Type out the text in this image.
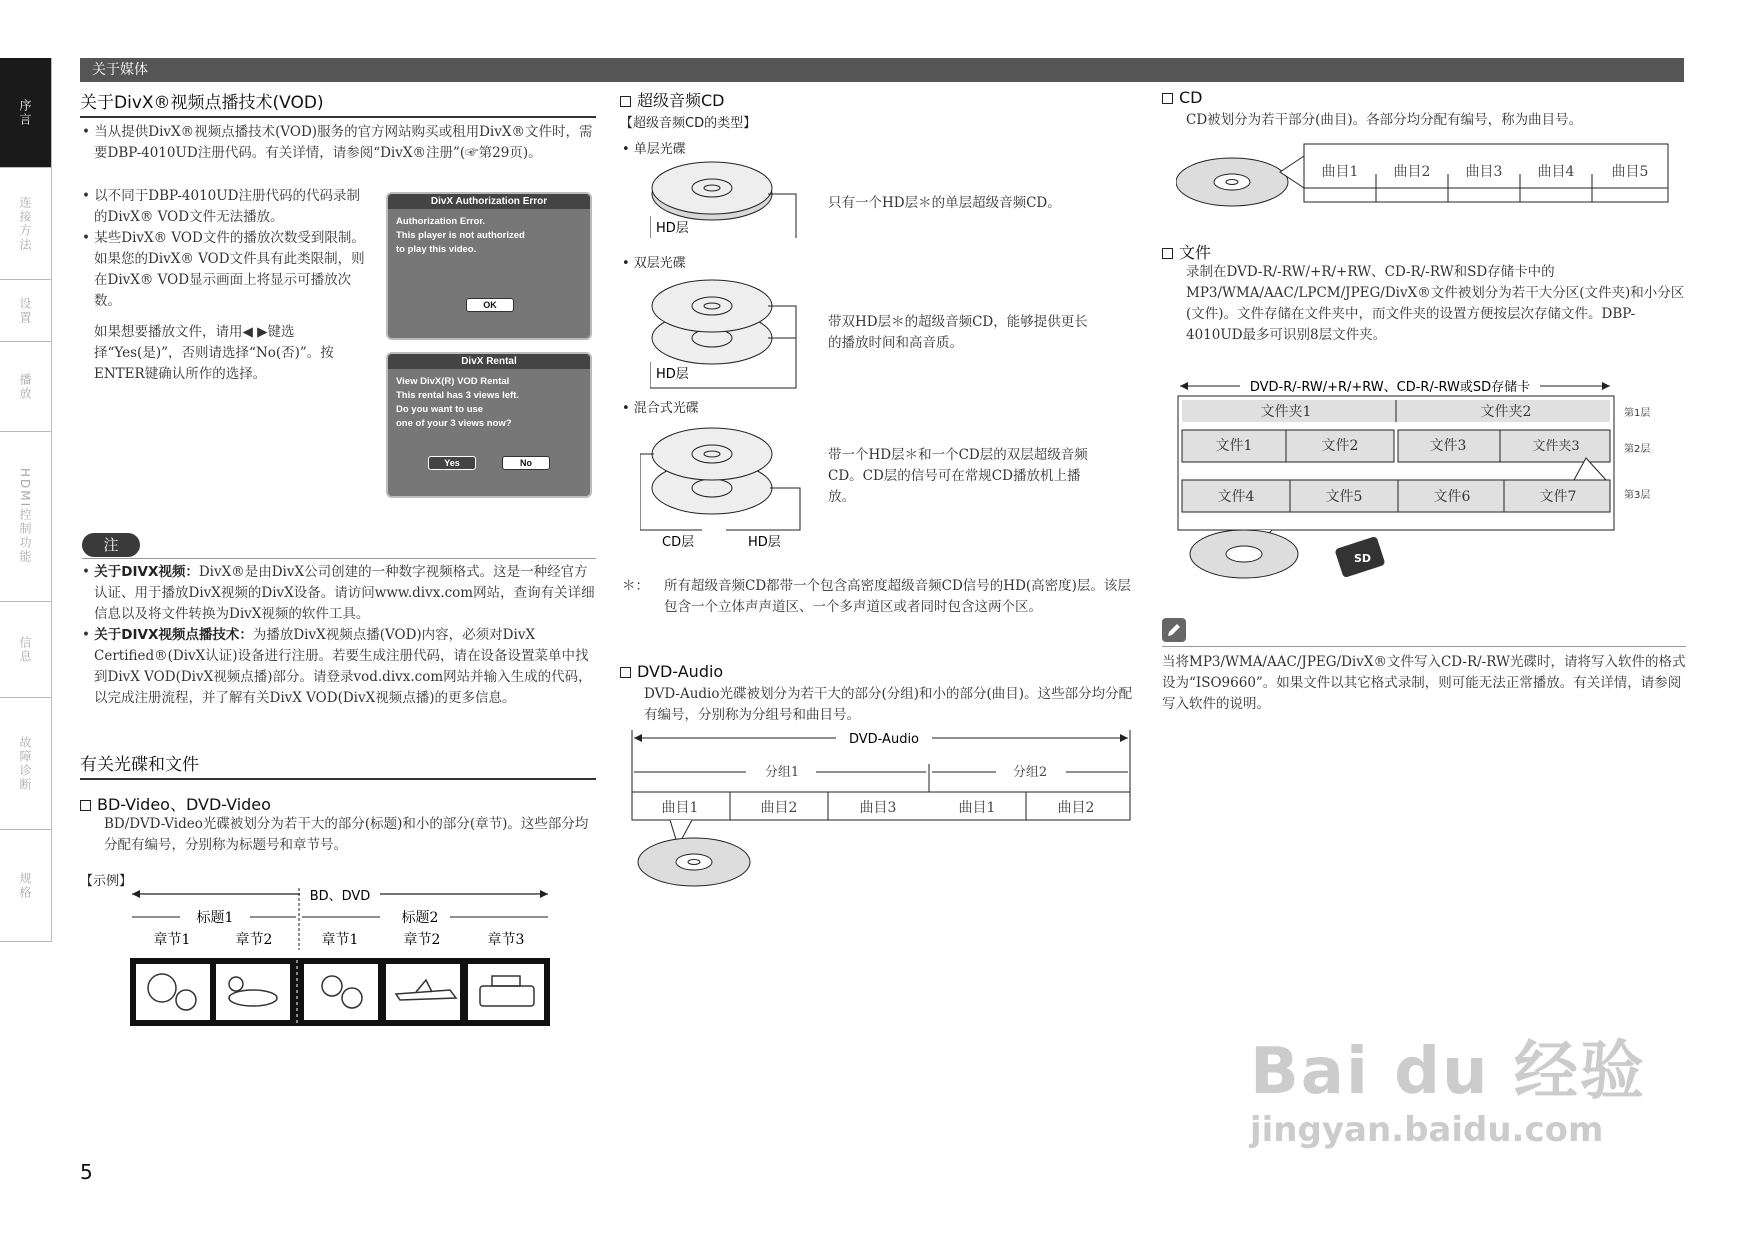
序言
连接方法
设置
播放
HDMI控制功能
信息
故障诊断
规格
关于媒体
关于DivX®视频点播技术(VOD)
• 当从提供DivX®视频点播技术(VOD)服务的官方网站购买或租用DivX®文件时，需要DBP-4010UD注册代码。有关详情，请参阅“DivX®注册”(☞第29页)。
• 以不同于DBP-4010UD注册代码的代码录制的DivX® VOD文件无法播放。
• 某些DivX® VOD文件的播放次数受到限制。如果您的DivX® VOD文件具有此类限制，则在DivX® VOD显示画面上将显示可播放次数。
如果想要播放文件，请用◀ ▶键选择“Yes(是)”，否则请选择“No(否)”。按ENTER键确认所作的选择。
DivX Authorization Error
Authorization Error.
This player is not authorized
to play this video.
OK
DivX Rental
View DivX(R) VOD Rental
This rental has 3 views left.
Do you want to use
one of your 3 views now?
Yes	No
注
• 关于DIVX视频：DivX®是由DivX公司创建的一种数字视频格式。这是一种经官方认证、用于播放DivX视频的DivX设备。请访问www.divx.com网站，查询有关详细信息以及将文件转换为DivX视频的软件工具。
• 关于DIVX视频点播技术：为播放DivX视频点播(VOD)内容，必须对DivX Certified®(DivX认证)设备进行注册。若要生成注册代码，请在设备设置菜单中找到DivX VOD(DivX视频点播)部分。请登录vod.divx.com网站并输入生成的代码，以完成注册流程，并了解有关DivX VOD(DivX视频点播)的更多信息。
有关光碟和文件
BD-Video、DVD-Video
BD/DVD-Video光碟被划分为若干大的部分(标题)和小的部分(章节)。这些部分均分配有编号，分别称为标题号和章节号。
【示例】
BD、DVD
标题1	标题2
章节1	章节2	章节1	章节2	章节3
超级音频CD
【超级音频CD的类型】
• 单层光碟
HD层
只有一个HD层＊的单层超级音频CD。
• 双层光碟
HD层
带双HD层＊的超级音频CD，能够提供更长的播放时间和高音质。
• 混合式光碟
CD层	HD层
带一个HD层＊和一个CD层的双层超级音频CD。CD层的信号可在常规CD播放机上播放。
＊： 所有超级音频CD都带一个包含高密度超级音频CD信号的HD(高密度)层。该层包含一个立体声声道区、一个多声道区或者同时包含这两个区。
DVD-Audio
DVD-Audio光碟被划分为若干大的部分(分组)和小的部分(曲目)。这些部分均分配有编号，分别称为分组号和曲目号。
DVD-Audio
分组1	分组2
曲目1	曲目2	曲目3	曲目1	曲目2
CD
CD被划分为若干部分(曲目)。各部分均分配有编号，称为曲目号。
曲目1	曲目2	曲目3	曲目4	曲目5
文件
录制在DVD-R/-RW/+R/+RW、CD-R/-RW和SD存储卡中的MP3/WMA/AAC/LPCM/JPEG/DivX®文件被划分为若干大分区(文件夹)和小分区(文件)。文件存储在文件夹中，而文件夹的设置方便按层次存储文件。DBP-4010UD最多可识别8层文件夹。
DVD-R/-RW/+R/+RW、CD-R/-RW或SD存储卡
文件夹1	文件夹2
文件1	文件2	文件3	文件夹3
文件4	文件5	文件6	文件7
第1层
第2层
第3层
SD
当将MP3/WMA/AAC/JPEG/DivX®文件写入CD-R/-RW光碟时，请将写入软件的格式设为“ISO9660”。如果文件以其它格式录制，则可能无法正常播放。有关详情，请参阅写入软件的说明。
5
Bai du 经验
jingyan.baidu.com
